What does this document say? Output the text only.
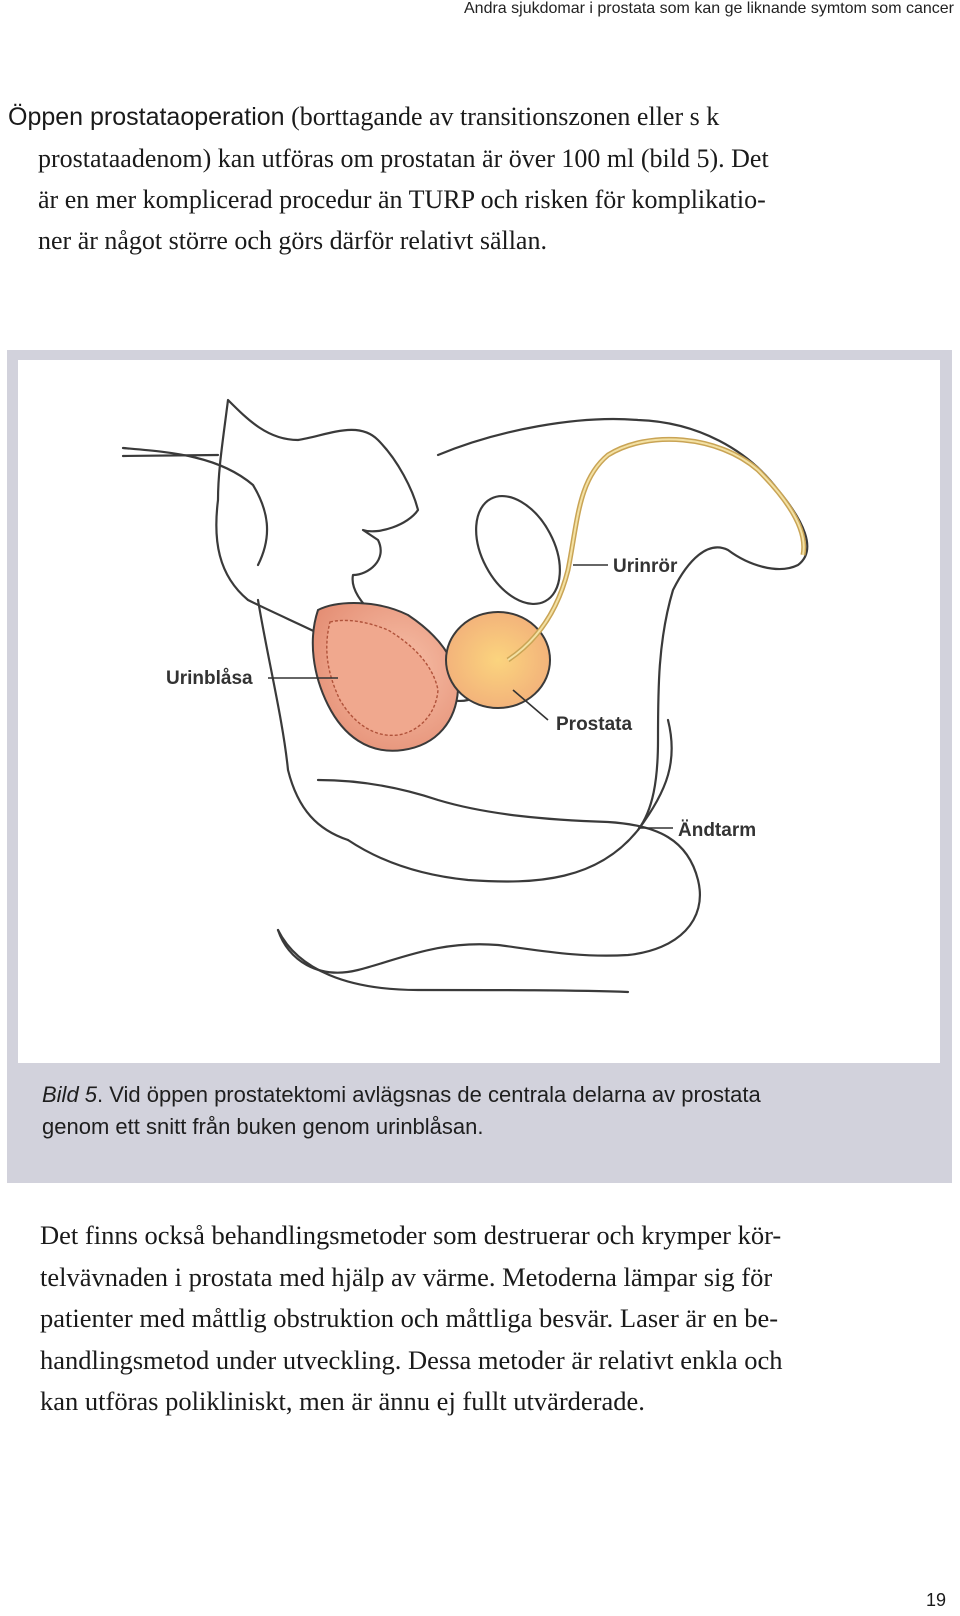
Andra sjukdomar i prostata som kan ge liknande symtom som cancer
Öppen prostataoperation (borttagande av transitionszonen eller s k
prostataadenom) kan utföras om prostatan är över 100 ml (bild 5). Det
är en mer komplicerad procedur än TURP och risken för komplikatio-
ner är något större och görs därför relativt sällan.
Urinrör
Urinblåsa
Prostata
Ändtarm
Bild 5. Vid öppen prostatektomi avlägsnas de centrala delarna av prostata
genom ett snitt från buken genom urinblåsan.
Det finns också behandlingsmetoder som destruerar och krymper kör-
telvävnaden i prostata med hjälp av värme. Metoderna lämpar sig för
patienter med måttlig obstruktion och måttliga besvär. Laser är en be-
handlingsmetod under utveckling. Dessa metoder är relativt enkla och
kan utföras polikliniskt, men är ännu ej fullt utvärderade.
19
